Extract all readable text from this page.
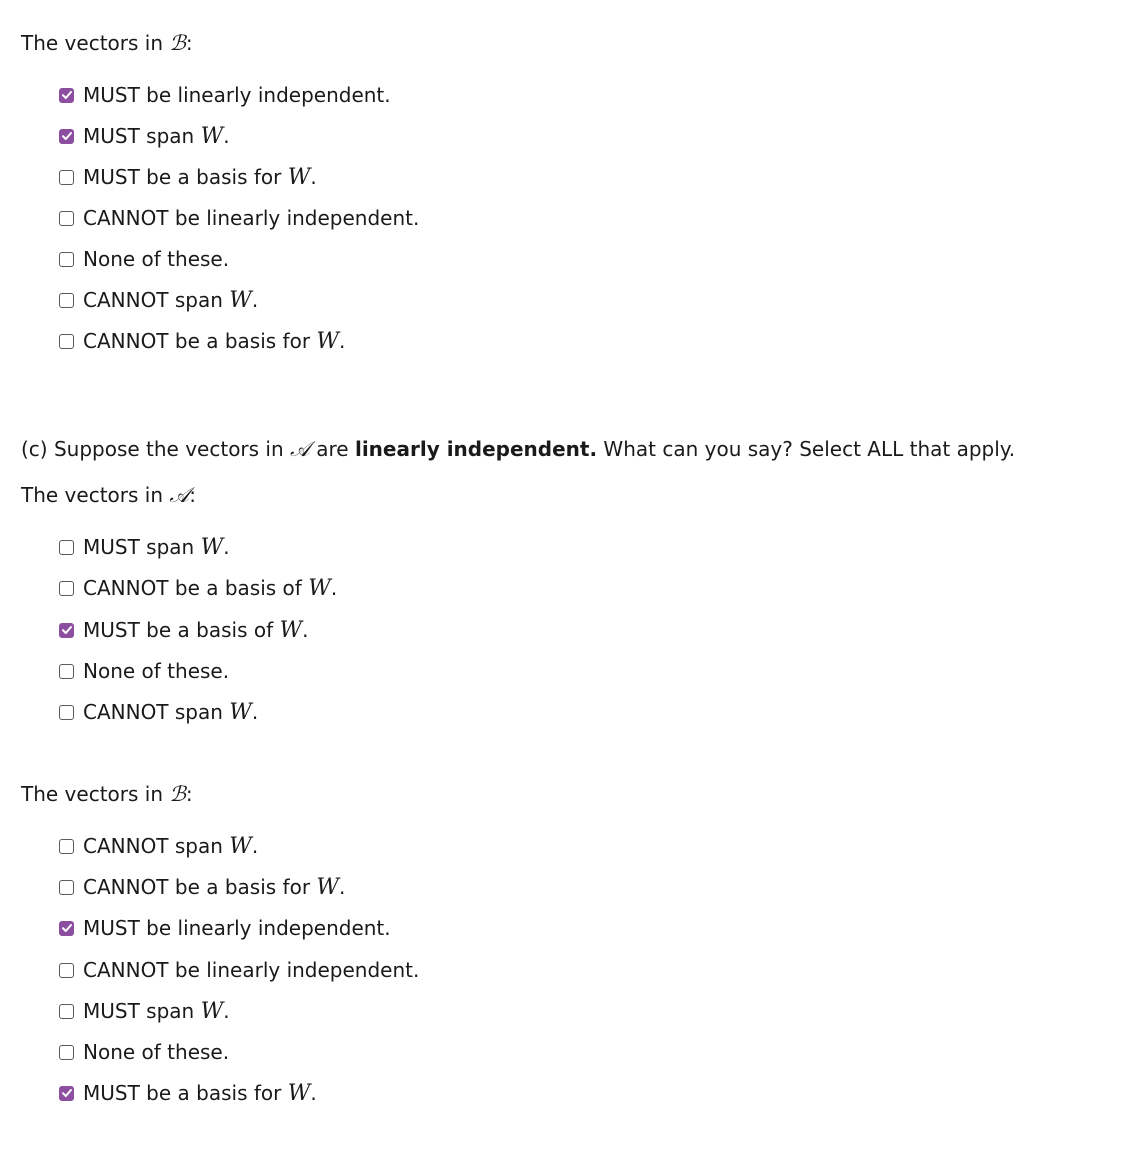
The vectors in ℬ:
MUST be linearly independent.
MUST span W .
MUST be a basis for W .
CANNOT be linearly independent.
None of these.
CANNOT span W .
CANNOT be a basis for W .
(c) Suppose the vectors in 𝒜 are linearly independent. What can you say? Select ALL that apply.
The vectors in 𝒜:
MUST span W .
CANNOT be a basis of W .
MUST be a basis of W .
None of these.
CANNOT span W .
The vectors in ℬ:
CANNOT span W .
CANNOT be a basis for W .
MUST be linearly independent.
CANNOT be linearly independent.
MUST span W .
None of these.
MUST be a basis for W .
